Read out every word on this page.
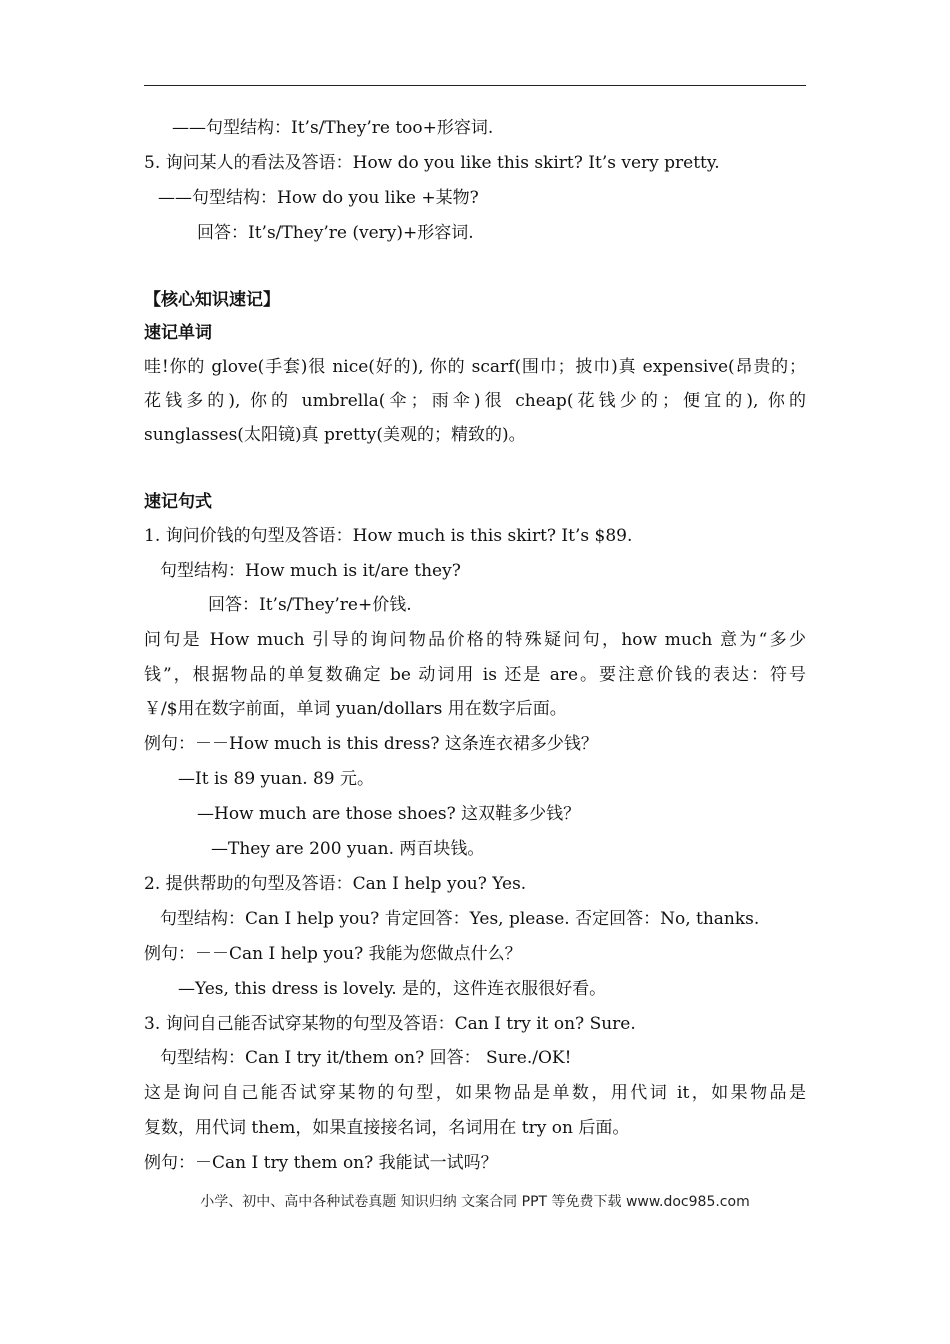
——句型结构：It’s/They’re too+形容词.
5. 询问某人的看法及答语：How do you like this skirt? It’s very pretty.
——句型结构：How do you like +某物?
回答：It’s/They’re (very)+形容词.
【核心知识速记】
速记单词
哇!你的 glove(手套)很 nice(好的), 你的 scarf(围巾；披巾)真 expensive(昂贵的；
花钱多的), 你的 umbrella(伞；雨伞)很 cheap(花钱少的；便宜的), 你的
sunglasses(太阳镜)真 pretty(美观的；精致的)。
速记句式
1. 询问价钱的句型及答语：How much is this skirt? It’s $89.
句型结构：How much is it/are they?
回答：It’s/They’re+价钱.
问句是 How much 引导的询问物品价格的特殊疑问句，how much 意为“多少
钱”，根据物品的单复数确定 be 动词用 is 还是 are。要注意价钱的表达：符号
￥/$用在数字前面，单词 yuan/dollars 用在数字后面。
例句：－－How much is this dress? 这条连衣裙多少钱？
—It is 89 yuan. 89 元。
—How much are those shoes? 这双鞋多少钱？
—They are 200 yuan. 两百块钱。
2. 提供帮助的句型及答语：Can I help you? Yes.
句型结构：Can I help you? 肯定回答：Yes, please. 否定回答：No, thanks.
例句：－－Can I help you? 我能为您做点什么？
—Yes, this dress is lovely. 是的，这件连衣服很好看。
3. 询问自己能否试穿某物的句型及答语：Can I try it on? Sure.
句型结构：Can I try it/them on? 回答： Sure./OK!
这是询问自己能否试穿某物的句型，如果物品是单数，用代词 it，如果物品是
复数，用代词 them，如果直接接名词，名词用在 try on 后面。
例句：－Can I try them on? 我能试一试吗？
小学、初中、高中各种试卷真题 知识归纳 文案合同 PPT 等免费下载 www.doc985.com
